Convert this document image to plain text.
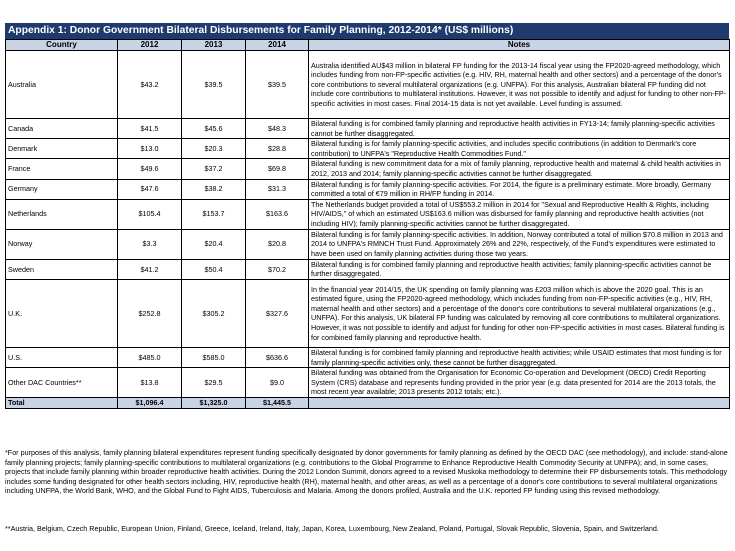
Appendix 1: Donor Government Bilateral Disbursements for Family Planning, 2012-2014* (US$ millions)
Country	2012	2013	2014	Notes
Australia	$43.2	$39.5	$39.5	Australia identified AU$43 million in bilateral FP funding for the 2013-14 fiscal year using the FP2020-agreed methodology, which includes funding from non-FP-specific activities (e.g. HIV, RH, maternal health and other sectors) and a percentage of the donor's core contributions to several multilateral organizations (e.g. UNFPA). For this analysis, Australian bilateral FP funding did not include core contributions to multilateral institutions. However, it was not possible to identify and adjust for funding to other non-FP-specific activities in most cases. Final 2014-15 data is not yet available. Level funding is assumed.
Canada	$41.5	$45.6	$48.3	Bilateral funding is for combined family planning and reproductive health activities in FY13-14; family planning-specific activities cannot be further disaggregated.
Denmark	$13.0	$20.3	$28.8	Bilateral funding is for family planning-specific activities, and includes specific contributions (in addition to Denmark's core contribution) to UNFPA's "Reproductive Health Commodities Fund."
France	$49.6	$37.2	$69.8	Bilateral funding is new commitment data for a mix of family planning, reproductive health and maternal & child health activities in 2012, 2013 and 2014; family planning-specific activities cannot be further disaggregated.
Germany	$47.6	$38.2	$31.3	Bilateral funding is for family planning-specific activities. For 2014, the figure is a preliminary estimate. More broadly, Germany committed a total of €79 million in RH/FP funding in 2014.
Netherlands	$105.4	$153.7	$163.6	The Netherlands budget provided a total of US$553.2 million in 2014 for "Sexual and Reproductive Health & Rights, including HIV/AIDS," of which an estimated US$163.6 million was disbursed for family planning and reproductive health activities (not including HIV); family planning-specific activities cannot be further disaggregated.
Norway	$3.3	$20.4	$20.8	Bilateral funding is for family planning-specific activities. In addition, Norway contributed a total of million $70.8 million in 2013 and 2014 to UNFPA's RMNCH Trust Fund. Approximately 26% and 22%, respectively, of the Fund's expenditures were estimated to have been used on family planning activities during those two years.
Sweden	$41.2	$50.4	$70.2	Bilateral funding is for combined family planning and reproductive health activities; family planning-specific activities cannot be further disaggregated.
U.K.	$252.8	$305.2	$327.6	In the financial year 2014/15, the UK spending on family planning was £203 million which is above the 2020 goal. This is an estimated figure, using the FP2020-agreed methodology, which includes funding from non-FP-specific activities (e.g., HIV, RH, maternal health and other sectors) and a percentage of the donor's core contributions to several multilateral organizations (e.g., UNFPA). For this analysis, UK bilateral FP funding was calculated by removing all core contributions to multilateral organizations. However, it was not possible to identify and adjust for funding for other non-FP-specific activities in most cases. Bilateral funding is for combined family planning and reproductive health.
U.S.	$485.0	$585.0	$636.6	Bilateral funding is for combined family planning and reproductive health activities; while USAID estimates that most funding is for family planning-specific activities only, these cannot be further disaggregated.
Other DAC Countries**	$13.8	$29.5	$9.0	Bilateral funding was obtained from the Organisation for Economic Co-operation and Development (OECD) Credit Reporting System (CRS) database and represents funding provided in the prior year (e.g. data presented for 2014 are the 2013 totals, the most recent year available; 2013 presents 2012 totals; etc.).
Total	$1,096.4	$1,325.0	$1,445.5	

*For purposes of this analysis, family planning bilateral expenditures represent funding specifically designated by donor governments for family planning as defined by the OECD DAC (see methodology), and include: stand-alone family planning projects; family planning-specific contributions to multilateral organizations (e.g. contributions to the Global Programme to Enhance Reproductive Health Commodity Security at UNFPA); and, in some cases, projects that include family planning within broader reproductive health activities. During the 2012 London Summit, donors agreed to a revised Muskoka methodology to determine their FP disbursements totals. This methodology includes some funding designated for other health sectors including, HIV, reproductive health (RH), maternal health, and other areas, as well as a percentage of a donor's core contributions to several multilateral organizations including UNFPA, the World Bank, WHO, and the Global Fund to Fight AIDS, Tuberculosis and Malaria. Among the donors profiled, Australia and the U.K. reported FP funding using this revised methodology.

**Austria, Belgium, Czech Republic, European Union, Finland, Greece, Iceland, Ireland, Italy, Japan, Korea, Luxembourg, New Zealand, Poland, Portugal, Slovak Republic, Slovenia, Spain, and Switzerland.
